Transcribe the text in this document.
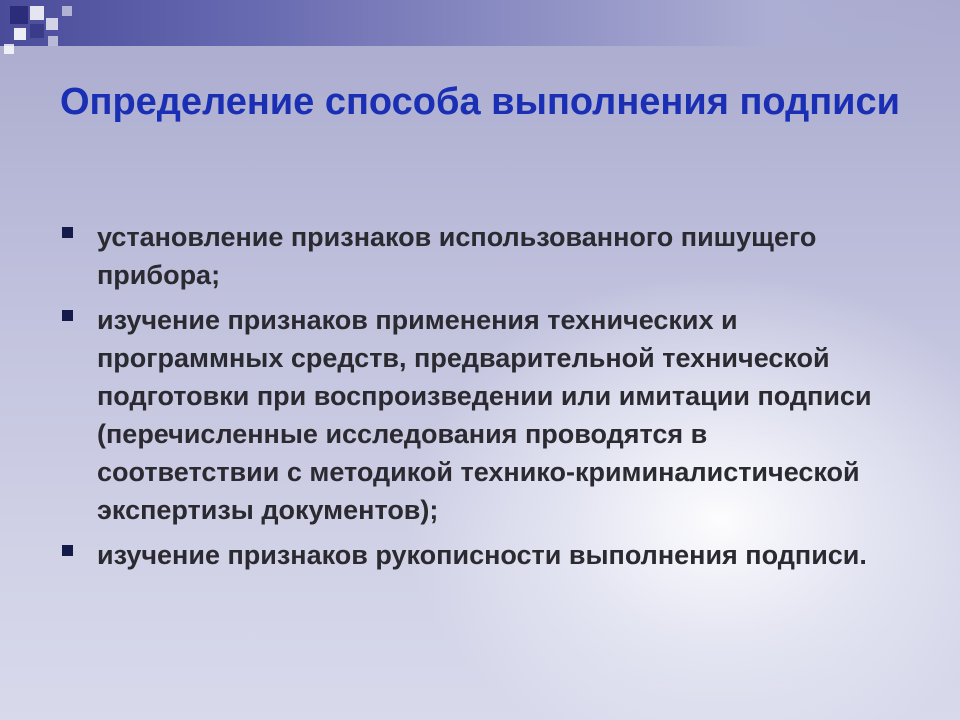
Определение способа выполнения подписи
установление признаков использованного пишущего прибора;
изучение признаков применения технических и программных средств, предварительной технической подготовки при воспроизведении или имитации подписи (перечисленные исследования проводятся в соответствии с методикой технико-криминалистической экспертизы документов);
изучение признаков рукописности выполнения подписи.
